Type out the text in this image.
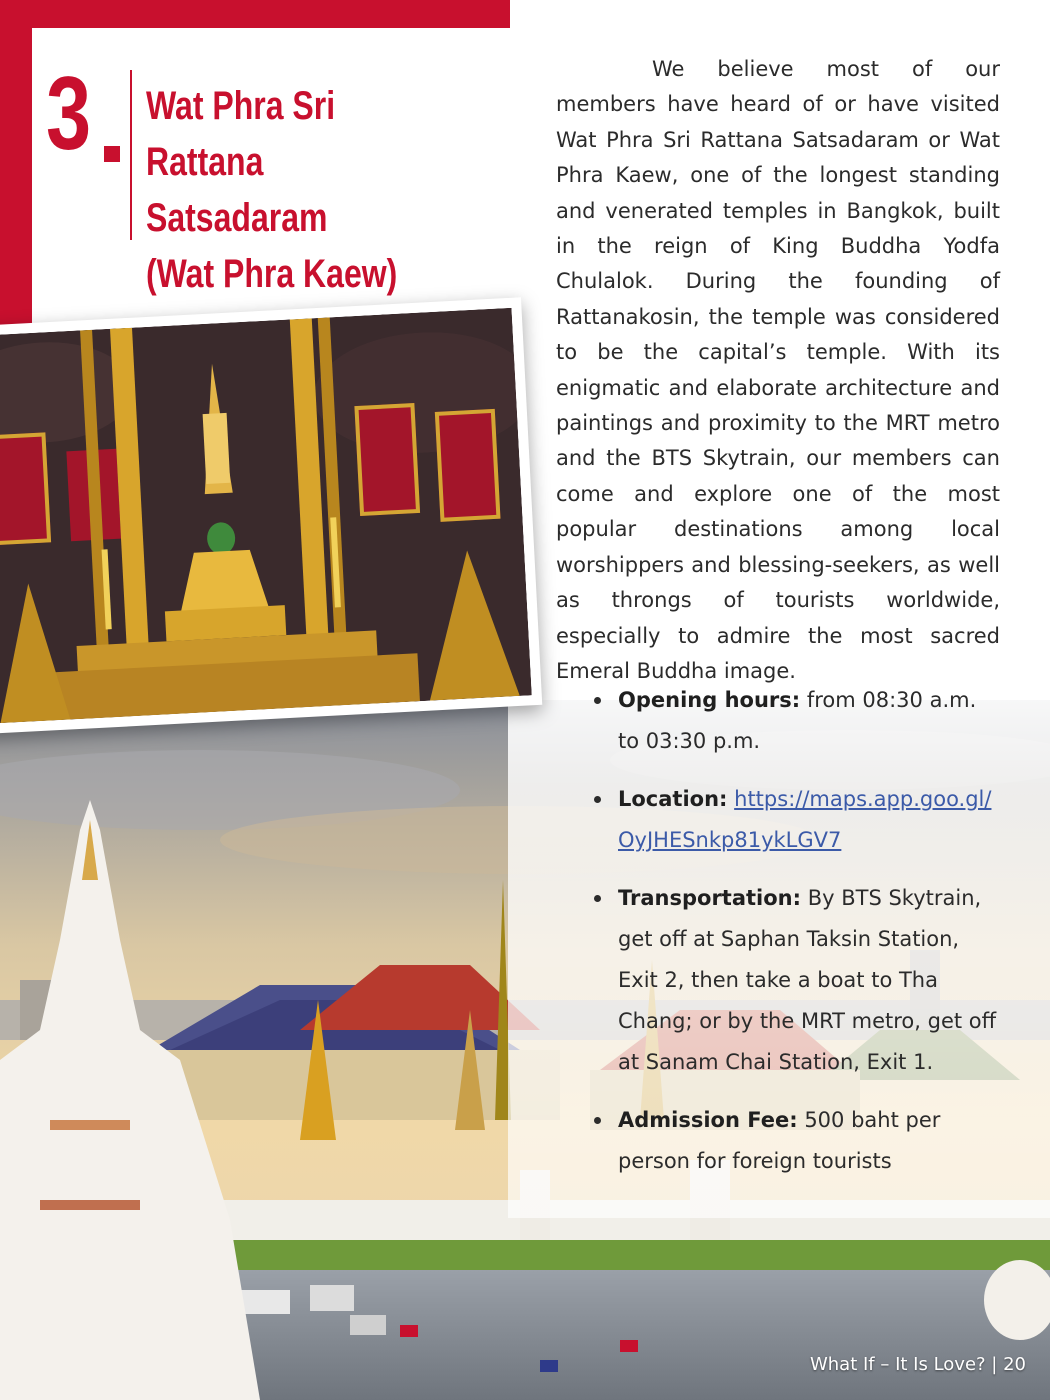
3 Wat Phra Sri
Rattana Satsadaram
(Wat Phra Kaew)
We believe most of our members have heard of or have visited Wat Phra Sri Rattana Satsadaram or Wat Phra Kaew, one of the longest standing and venerated temples in Bangkok, built in the reign of King Buddha Yodfa Chulalok. During the founding of Rattanakosin, the temple was considered to be the capital’s temple. With its enigmatic and elaborate architecture and paintings and proximity to the MRT metro and the BTS Skytrain, our members can come and explore one of the most popular destinations among local worshippers and blessing-seekers, as well as throngs of tourists worldwide, especially to admire the most sacred Emeral Buddha image.
Opening hours: from 08:30 a.m. to 03:30 p.m.
Location: https://maps.app.goo.gl/OyJHESnkp81ykLGV7
Transportation: By BTS Skytrain, get off at Saphan Taksin Station, Exit 2, then take a boat to Tha Chang; or by the MRT metro, get off at Sanam Chai Station, Exit 1.
Admission Fee: 500 baht per person for foreign tourists
What If – It Is Love? | 20
